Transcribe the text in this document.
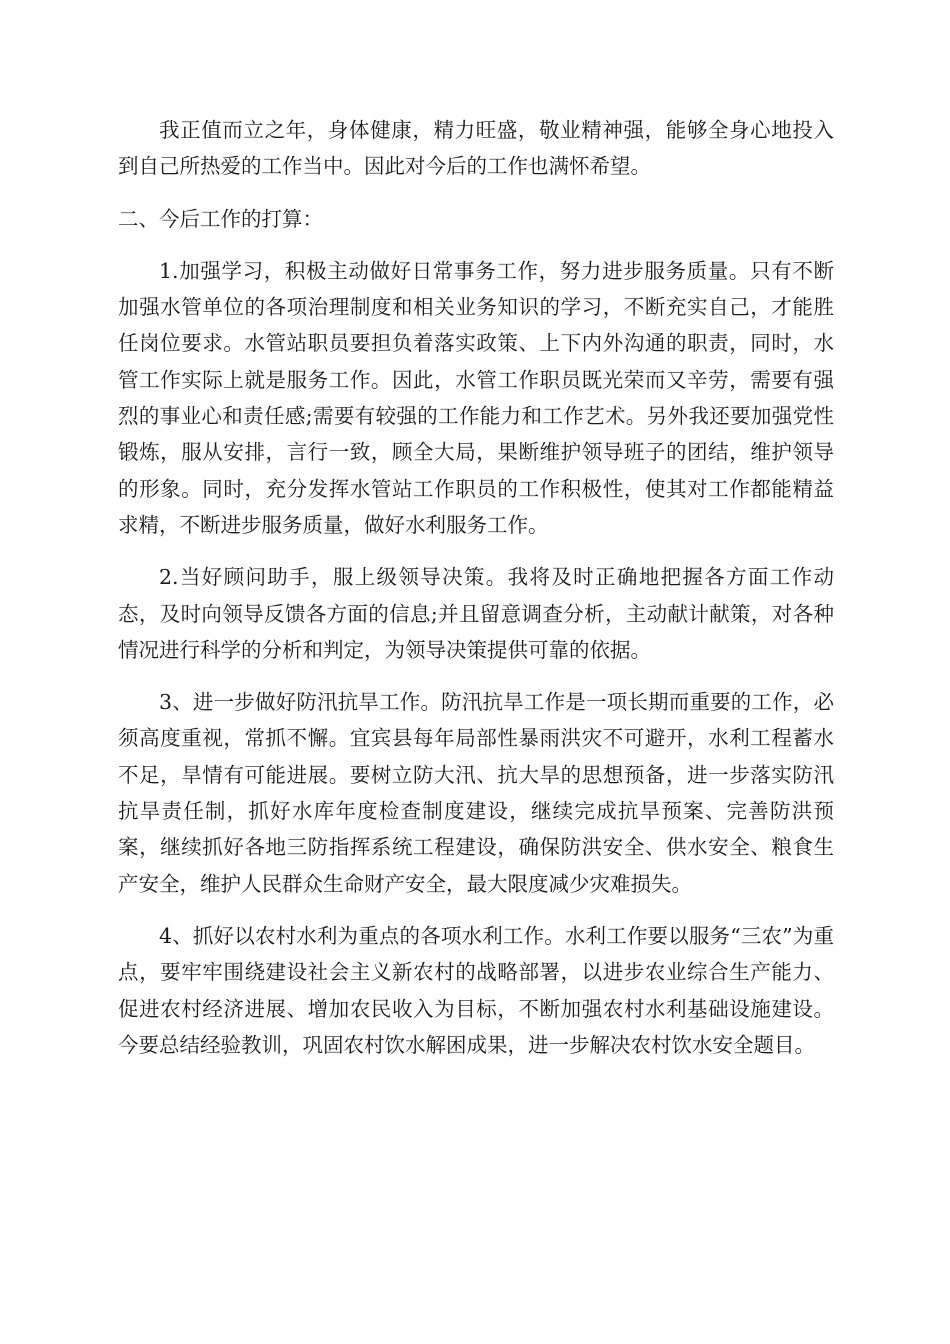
我正值而立之年，身体健康，精力旺盛，敬业精神强，能够全身心地投入到自己所热爱的工作当中。因此对今后的工作也满怀希望。

二、今后工作的打算：

1.加强学习，积极主动做好日常事务工作，努力进步服务质量。只有不断加强水管单位的各项治理制度和相关业务知识的学习，不断充实自己，才能胜任岗位要求。水管站职员要担负着落实政策、上下内外沟通的职责，同时，水管工作实际上就是服务工作。因此，水管工作职员既光荣而又辛劳，需要有强烈的事业心和责任感;需要有较强的工作能力和工作艺术。另外我还要加强党性锻炼，服从安排，言行一致，顾全大局，果断维护领导班子的团结，维护领导的形象。同时，充分发挥水管站工作职员的工作积极性，使其对工作都能精益求精，不断进步服务质量，做好水利服务工作。

2.当好顾问助手，服上级领导决策。我将及时正确地把握各方面工作动态，及时向领导反馈各方面的信息;并且留意调查分析，主动献计献策，对各种情况进行科学的分析和判定，为领导决策提供可靠的依据。

3、进一步做好防汛抗旱工作。防汛抗旱工作是一项长期而重要的工作，必须高度重视，常抓不懈。宜宾县每年局部性暴雨洪灾不可避开，水利工程蓄水不足，旱情有可能进展。要树立防大汛、抗大旱的思想预备，进一步落实防汛抗旱责任制，抓好水库年度检查制度建设，继续完成抗旱预案、完善防洪预案，继续抓好各地三防指挥系统工程建设，确保防洪安全、供水安全、粮食生产安全，维护人民群众生命财产安全，最大限度减少灾难损失。

4、抓好以农村水利为重点的各项水利工作。水利工作要以服务“三农”为重点，要牢牢围绕建设社会主义新农村的战略部署，以进步农业综合生产能力、促进农村经济进展、增加农民收入为目标，不断加强农村水利基础设施建设。今要总结经验教训，巩固农村饮水解困成果，进一步解决农村饮水安全题目。
